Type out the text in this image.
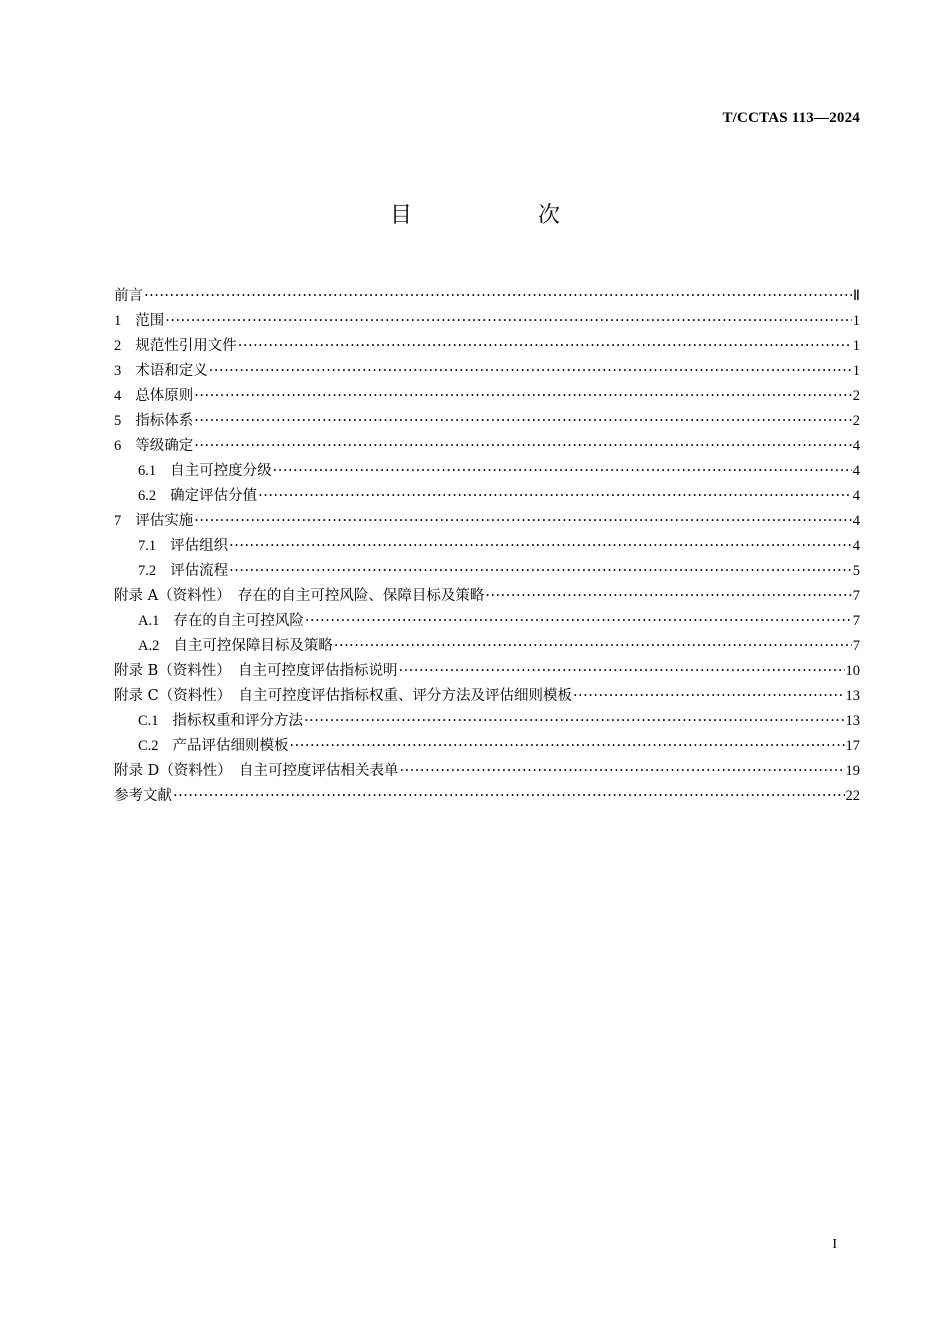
T/CCTAS 113—2024
目　次
前言 ·····	Ⅱ
1 范围 ·····	1
2 规范性引用文件 ·····	1
3 术语和定义 ·····	1
4 总体原则 ·····	2
5 指标体系 ·····	2
6 等级确定 ·····	4
6.1 自主可控度分级 ·····	4
6.2 确定评估分值 ·····	4
7 评估实施 ·····	4
7.1 评估组织 ·····	4
7.2 评估流程 ·····	5
附录 A（资料性）　存在的自主可控风险、保障目标及策略 ·····	7
A.1 存在的自主可控风险 ·····	7
A.2 自主可控保障目标及策略 ·····	7
附录 B（资料性）　自主可控度评估指标说明 ·····	10
附录 C（资料性）　自主可控度评估指标权重、评分方法及评估细则模板 ·····	13
C.1 指标权重和评分方法 ·····	13
C.2 产品评估细则模板 ·····	17
附录 D（资料性）　自主可控度评估相关表单 ·····	19
参考文献 ·····	22
I
